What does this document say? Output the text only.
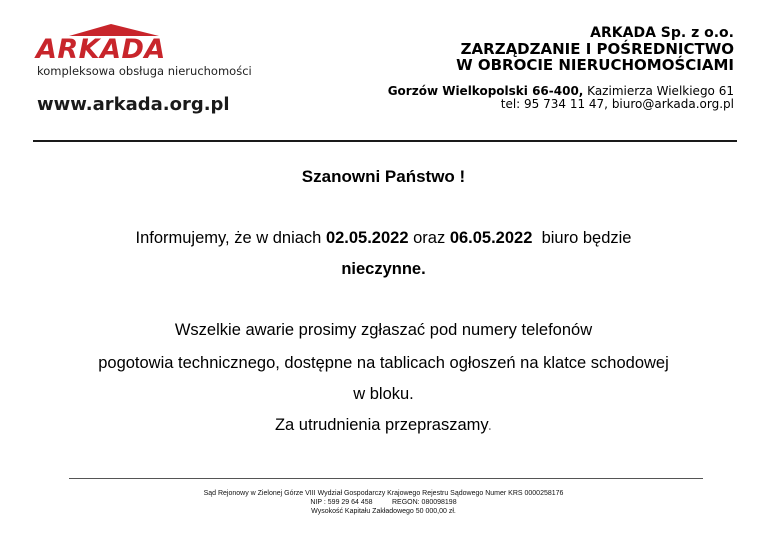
ARKADA
kompleksowa obsługa nieruchomości
www.arkada.org.pl
ARKADA Sp. z o.o.
ZARZĄDZANIE I POŚREDNICTWO
W OBROCIE NIERUCHOMOŚCIAMI
Gorzów Wielkopolski 66-400, Kazimierza Wielkiego 61
tel: 95 734 11 47, biuro@arkada.org.pl
Szanowni Państwo !
Informujemy, że w dniach 02.05.2022 oraz 06.05.2022  biuro będzie
nieczynne.
Wszelkie awarie prosimy zgłaszać pod numery telefonów
pogotowia technicznego, dostępne na tablicach ogłoszeń na klatce schodowej
w bloku.
Za utrudnienia przepraszamy.
Sąd Rejonowy w Zielonej Górze VIII Wydział Gospodarczy Krajowego Rejestru Sądowego Numer KRS 0000258176
NIP : 599 29 64 458          REGON: 080098198
Wysokość Kapitału Zakładowego 50 000,00 zł.
